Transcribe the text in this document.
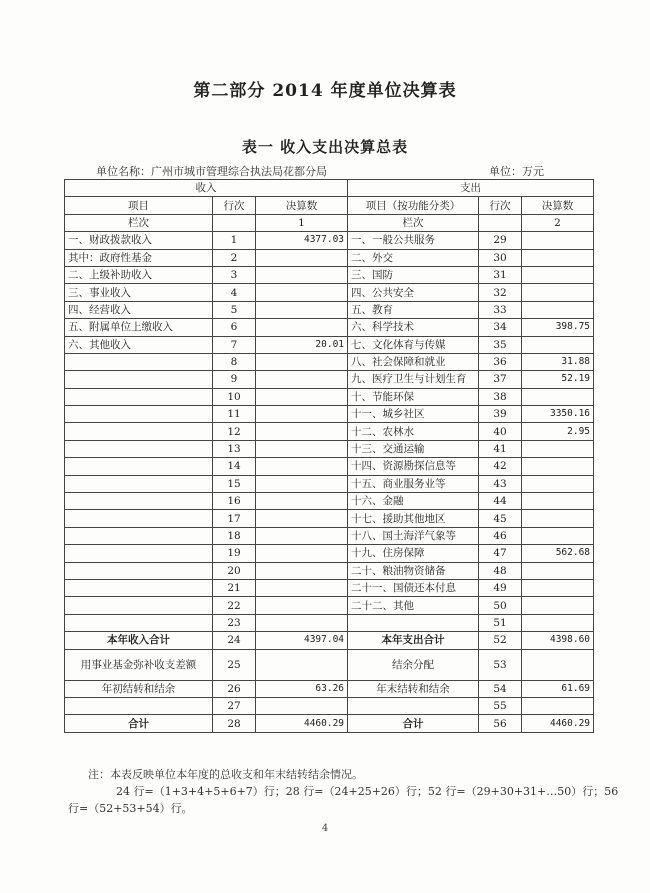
第二部分 2014 年度单位决算表
表一 收入支出决算总表
单位名称：广州市城市管理综合执法局花都分局	单位：万元
收入			支出		
项目	行次	决算数	项目（按功能分类）	行次	决算数
栏次		1	栏次		2
一、财政拨款收入	1	4377.03	一、一般公共服务	29	
其中：政府性基金	2		二、外交	30	
二、上级补助收入	3		三、国防	31	
三、事业收入	4		四、公共安全	32	
四、经营收入	5		五、教育	33	
五、附属单位上缴收入	6		六、科学技术	34	398.75
六、其他收入	7	20.01	七、文化体育与传媒	35	
	8		八、社会保障和就业	36	31.88
	9		九、医疗卫生与计划生育	37	52.19
	10		十、节能环保	38	
	11		十一、城乡社区	39	3350.16
	12		十二、农林水	40	2.95
	13		十三、交通运输	41	
	14		十四、资源勘探信息等	42	
	15		十五、商业服务业等	43	
	16		十六、金融	44	
	17		十七、援助其他地区	45	
	18		十八、国土海洋气象等	46	
	19		十九、住房保障	47	562.68
	20		二十、粮油物资储备	48	
	21		二十一、国债还本付息	49	
	22		二十二、其他	50	
	23			51	
本年收入合计	24	4397.04	本年支出合计	52	4398.60
用事业基金弥补收支差额	25		结余分配	53	
年初结转和结余	26	63.26	年末结转和结余	54	61.69
	27			55	
合计	28	4460.29	合计	56	4460.29
注：本表反映单位本年度的总收支和年末结转结余情况。
24 行=（1+3+4+5+6+7）行；28 行=（24+25+26）行；52 行=（29+30+31+…50）行；56
行=（52+53+54）行。
4
